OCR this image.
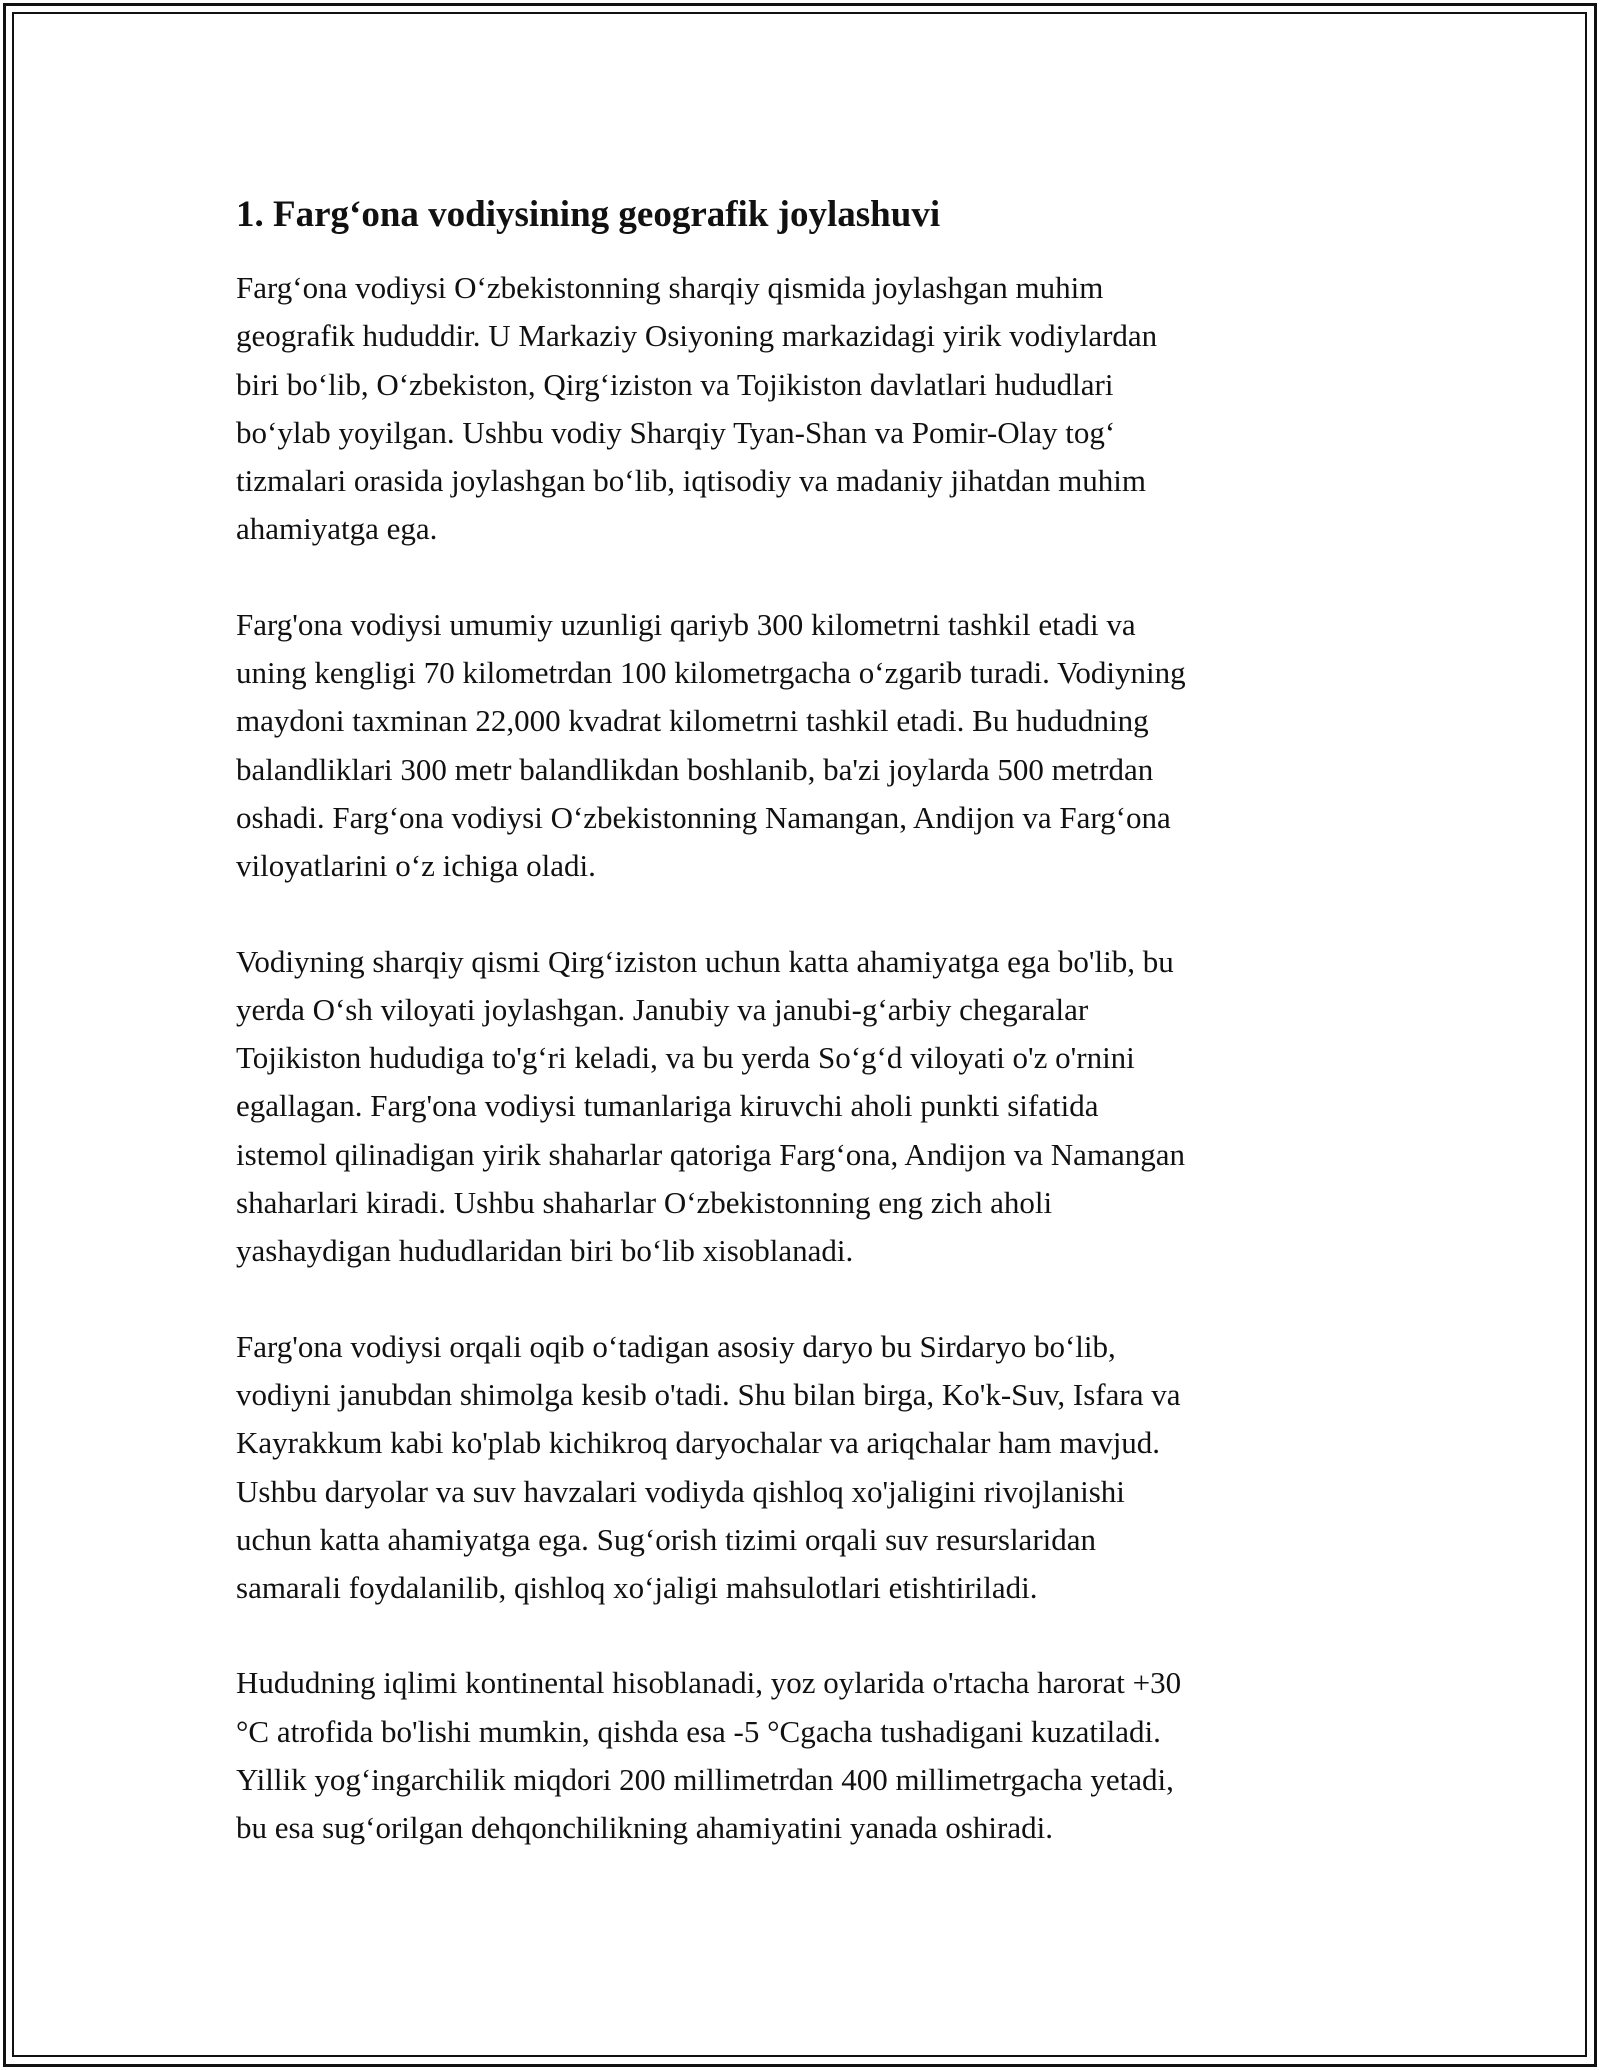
1. Farg‘ona vodiysining geografik joylashuvi

Farg‘ona vodiysi O‘zbekistonning sharqiy qismida joylashgan muhim
geografik hududdir. U Markaziy Osiyoning markazidagi yirik vodiylardan
biri bo‘lib, O‘zbekiston, Qirg‘iziston va Tojikiston davlatlari hududlari
bo‘ylab yoyilgan. Ushbu vodiy Sharqiy Tyan-Shan va Pomir-Olay tog‘
tizmalari orasida joylashgan bo‘lib, iqtisodiy va madaniy jihatdan muhim
ahamiyatga ega.

Farg'ona vodiysi umumiy uzunligi qariyb 300 kilometrni tashkil etadi va
uning kengligi 70 kilometrdan 100 kilometrgacha o‘zgarib turadi. Vodiyning
maydoni taxminan 22,000 kvadrat kilometrni tashkil etadi. Bu hududning
balandliklari 300 metr balandlikdan boshlanib, ba'zi joylarda 500 metrdan
oshadi. Farg‘ona vodiysi O‘zbekistonning Namangan, Andijon va Farg‘ona
viloyatlarini o‘z ichiga oladi.

Vodiyning sharqiy qismi Qirg‘iziston uchun katta ahamiyatga ega bo'lib, bu
yerda O‘sh viloyati joylashgan. Janubiy va janubi-g‘arbiy chegaralar
Tojikiston hududiga to'g‘ri keladi, va bu yerda So‘g‘d viloyati o'z o'rnini
egallagan. Farg'ona vodiysi tumanlariga kiruvchi aholi punkti sifatida
istemol qilinadigan yirik shaharlar qatoriga Farg‘ona, Andijon va Namangan
shaharlari kiradi. Ushbu shaharlar O‘zbekistonning eng zich aholi
yashaydigan hududlaridan biri bo‘lib xisoblanadi.

Farg'ona vodiysi orqali oqib o‘tadigan asosiy daryo bu Sirdaryo bo‘lib,
vodiyni janubdan shimolga kesib o'tadi. Shu bilan birga, Ko'k-Suv, Isfara va
Kayrakkum kabi ko'plab kichikroq daryochalar va ariqchalar ham mavjud.
Ushbu daryolar va suv havzalari vodiyda qishloq xo'jaligini rivojlanishi
uchun katta ahamiyatga ega. Sug‘orish tizimi orqali suv resurslaridan
samarali foydalanilib, qishloq xo‘jaligi mahsulotlari etishtiriladi.

Hududning iqlimi kontinental hisoblanadi, yoz oylarida o'rtacha harorat +30
°C atrofida bo'lishi mumkin, qishda esa -5 °Cgacha tushadigani kuzatiladi.
Yillik yog‘ingarchilik miqdori 200 millimetrdan 400 millimetrgacha yetadi,
bu esa sug‘orilgan dehqonchilikning ahamiyatini yanada oshiradi.
